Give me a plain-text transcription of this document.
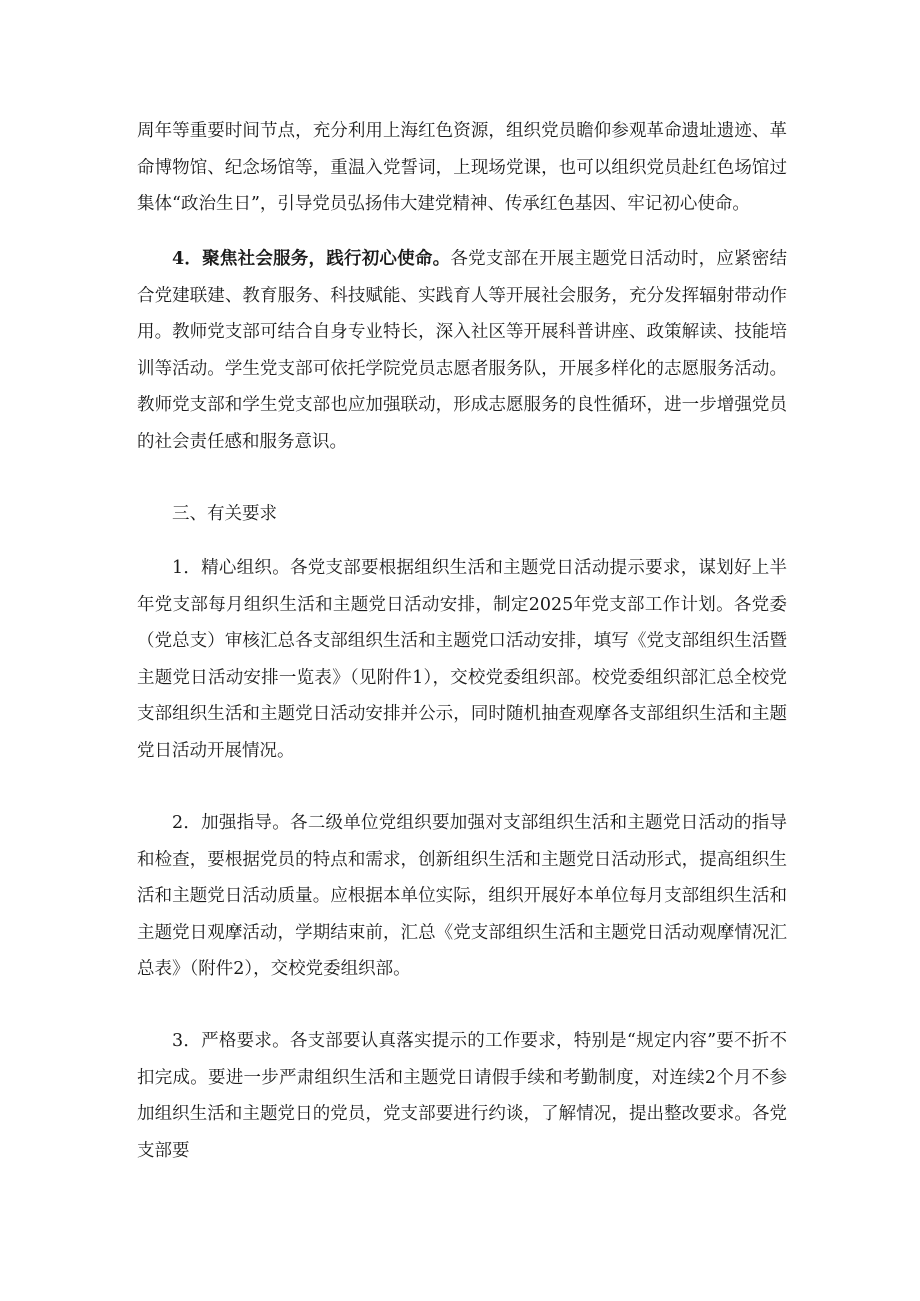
周年等重要时间节点，充分利用上海红色资源，组织党员瞻仰参观革命遗址遗迹、革命博物馆、纪念场馆等，重温入党誓词，上现场党课，也可以组织党员赴红色场馆过集体“政治生日”，引导党员弘扬伟大建党精神、传承红色基因、牢记初心使命。

4．聚焦社会服务，践行初心使命。各党支部在开展主题党日活动时，应紧密结合党建联建、教育服务、科技赋能、实践育人等开展社会服务，充分发挥辐射带动作用。教师党支部可结合自身专业特长，深入社区等开展科普讲座、政策解读、技能培训等活动。学生党支部可依托学院党员志愿者服务队，开展多样化的志愿服务活动。教师党支部和学生党支部也应加强联动，形成志愿服务的良性循环，进一步增强党员的社会责任感和服务意识。

三、有关要求

1．精心组织。各党支部要根据组织生活和主题党日活动提示要求，谋划好上半年党支部每月组织生活和主题党日活动安排，制定2025年党支部工作计划。各党委（党总支）审核汇总各支部组织生活和主题党口活动安排，填写《党支部组织生活暨主题党日活动安排一览表》（见附件1），交校党委组织部。校党委组织部汇总全校党支部组织生活和主题党日活动安排并公示，同时随机抽查观摩各支部组织生活和主题党日活动开展情况。

2．加强指导。各二级单位党组织要加强对支部组织生活和主题党日活动的指导和检查，要根据党员的特点和需求，创新组织生活和主题党日活动形式，提高组织生活和主题党日活动质量。应根据本单位实际，组织开展好本单位每月支部组织生活和主题党日观摩活动，学期结束前，汇总《党支部组织生活和主题党日活动观摩情况汇总表》（附件2），交校党委组织部。

3．严格要求。各支部要认真落实提示的工作要求，特别是“规定内容”要不折不扣完成。要进一步严肃组织生活和主题党日请假手续和考勤制度，对连续2个月不参加组织生活和主题党日的党员，党支部要进行约谈，了解情况，提出整改要求。各党支部要
